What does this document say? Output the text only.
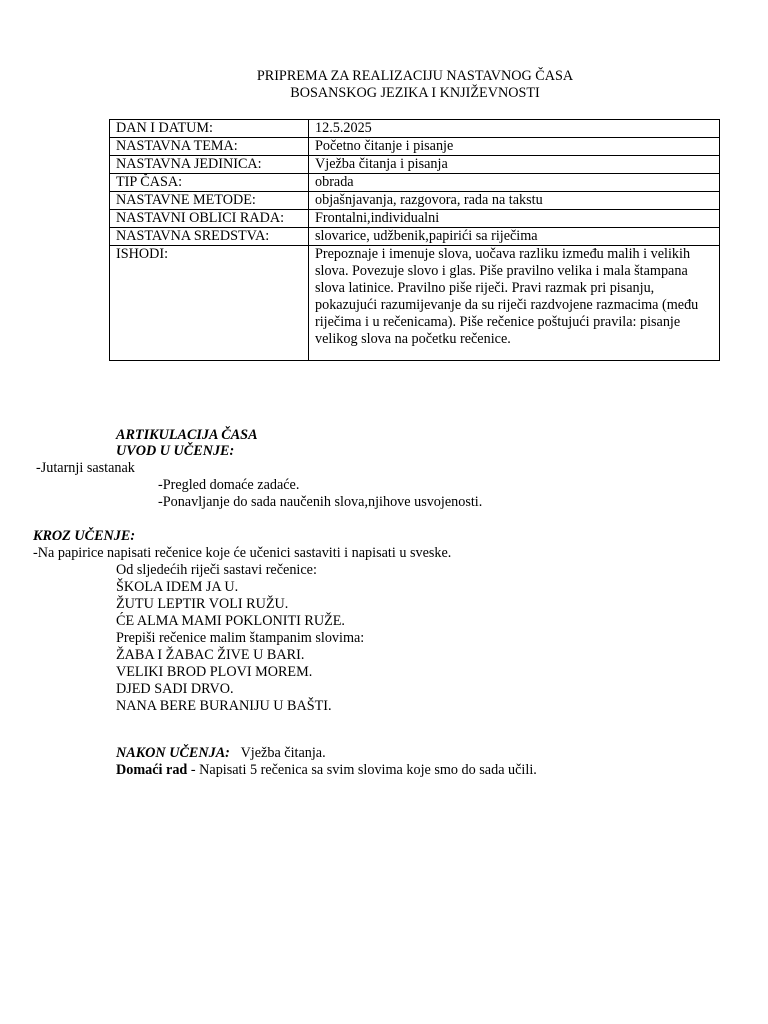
PRIPREMA ZA REALIZACIJU NASTAVNOG ČASA
BOSANSKOG JEZIKA I KNJIŽEVNOSTI
DAN I DATUM:	12.5.2025
NASTAVNA TEMA:	Početno čitanje i pisanje
NASTAVNA JEDINICA:	Vježba čitanja i pisanja
TIP ČASA:	obrada
NASTAVNE METODE:	objašnjavanja, razgovora, rada na takstu
NASTAVNI OBLICI RADA:	Frontalni,individualni
NASTAVNA SREDSTVA:	slovarice, udžbenik,papirići sa riječima
ISHODI:	Prepoznaje i imenuje slova, uočava razliku između malih i velikih slova. Povezuje slovo i glas. Piše pravilno velika i mala štampana slova latinice. Pravilno piše riječi. Pravi razmak pri pisanju, pokazujući razumijevanje da su riječi razdvojene razmacima (među riječima i u rečenicama). Piše rečenice poštujući pravila: pisanje velikog slova na početku rečenice.
ARTIKULACIJA ČASA
UVOD U UČENJE:
-Jutarnji sastanak
-Pregled domaće zadaće.
-Ponavljanje do sada naučenih slova,njihove usvojenosti.
KROZ UČENJE:
-Na papirice napisati rečenice koje će učenici sastaviti i napisati u sveske.
Od sljedećih riječi sastavi rečenice:
ŠKOLA IDEM JA U.
ŽUTU LEPTIR VOLI RUŽU.
ĆE ALMA MAMI POKLONITI RUŽE.
Prepiši rečenice malim štampanim slovima:
ŽABA I ŽABAC ŽIVE U BARI.
VELIKI BROD PLOVI MOREM.
DJED SADI DRVO.
NANA BERE BURANIJU U BAŠTI.
NAKON UČENJA: Vježba čitanja.
Domaći rad - Napisati 5 rečenica sa svim slovima koje smo do sada učili.
